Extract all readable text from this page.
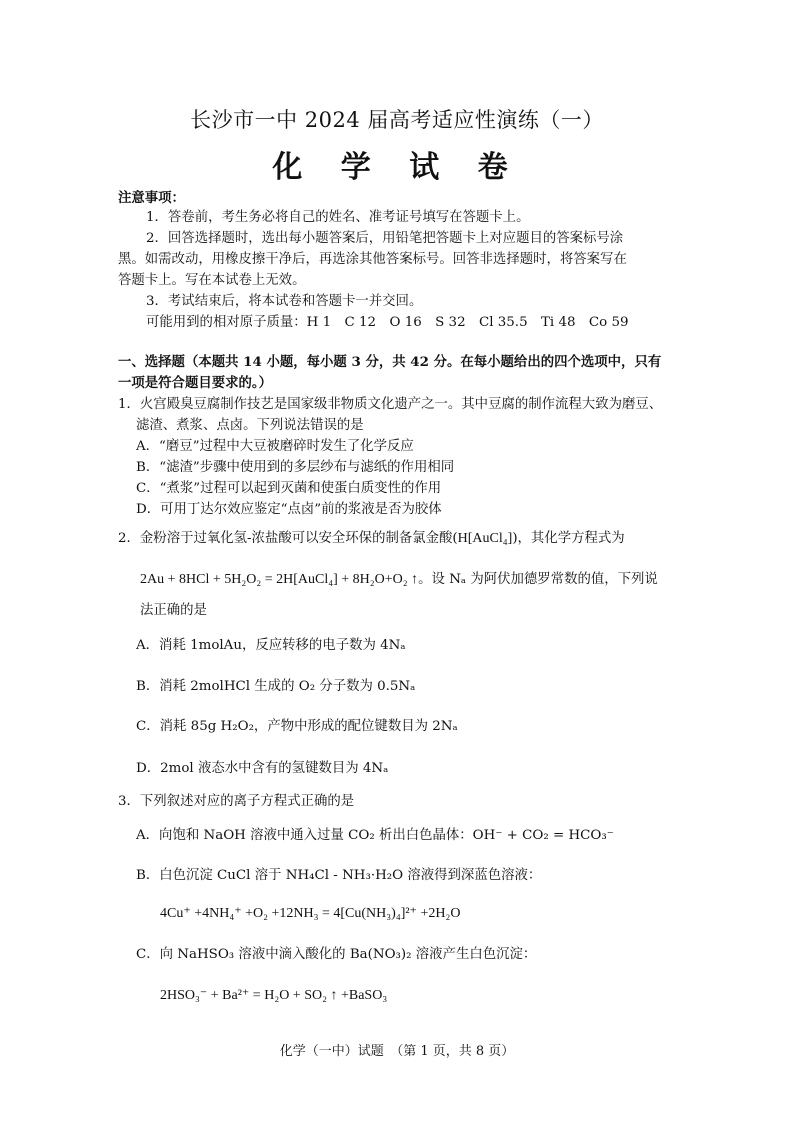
长沙市一中 2024 届高考适应性演练（一）
化 学 试 卷
注意事项：
1．答卷前，考生务必将自己的姓名、准考证号填写在答题卡上。
2．回答选择题时，选出每小题答案后，用铅笔把答题卡上对应题目的答案标号涂
黑。如需改动，用橡皮擦干净后，再选涂其他答案标号。回答非选择题时，将答案写在
答题卡上。写在本试卷上无效。
3．考试结束后，将本试卷和答题卡一并交回。
可能用到的相对原子质量：H 1　C 12　O 16　S 32　Cl 35.5　Ti 48　Co 59
一、选择题（本题共 14 小题，每小题 3 分，共 42 分。在每小题给出的四个选项中，只有
一项是符合题目要求的。）
1．火宫殿臭豆腐制作技艺是国家级非物质文化遗产之一。其中豆腐的制作流程大致为磨豆、
滤渣、煮浆、点卤。下列说法错误的是
A．“磨豆”过程中大豆被磨碎时发生了化学反应
B．“滤渣”步骤中使用到的多层纱布与滤纸的作用相同
C．“煮浆”过程可以起到灭菌和使蛋白质变性的作用
D．可用丁达尔效应鉴定“点卤”前的浆液是否为胶体
2．金粉溶于过氧化氢-浓盐酸可以安全环保的制备氯金酸(H[AuCl₄])，其化学方程式为
2Au + 8HCl + 5H₂O₂ = 2H[AuCl₄] + 8H₂O+O₂ ↑。设 Nₐ 为阿伏加德罗常数的值，下列说
法正确的是
A．消耗 1molAu，反应转移的电子数为 4Nₐ
B．消耗 2molHCl 生成的 O₂ 分子数为 0.5Nₐ
C．消耗 85g H₂O₂，产物中形成的配位键数目为 2Nₐ
D．2mol 液态水中含有的氢键数目为 4Nₐ
3．下列叙述对应的离子方程式正确的是
A．向饱和 NaOH 溶液中通入过量 CO₂ 析出白色晶体：OH⁻ + CO₂ = HCO₃⁻
B．白色沉淀 CuCl 溶于 NH₄Cl - NH₃·H₂O 溶液得到深蓝色溶液：
4Cu⁺ +4NH₄⁺ +O₂ +12NH₃ = 4[Cu(NH₃)₄]²⁺ +2H₂O
C．向 NaHSO₃ 溶液中滴入酸化的 Ba(NO₃)₂ 溶液产生白色沉淀：
2HSO₃⁻ + Ba²⁺ = H₂O + SO₂ ↑ +BaSO₃
化学（一中）试题　（第 1 页，共 8 页）
